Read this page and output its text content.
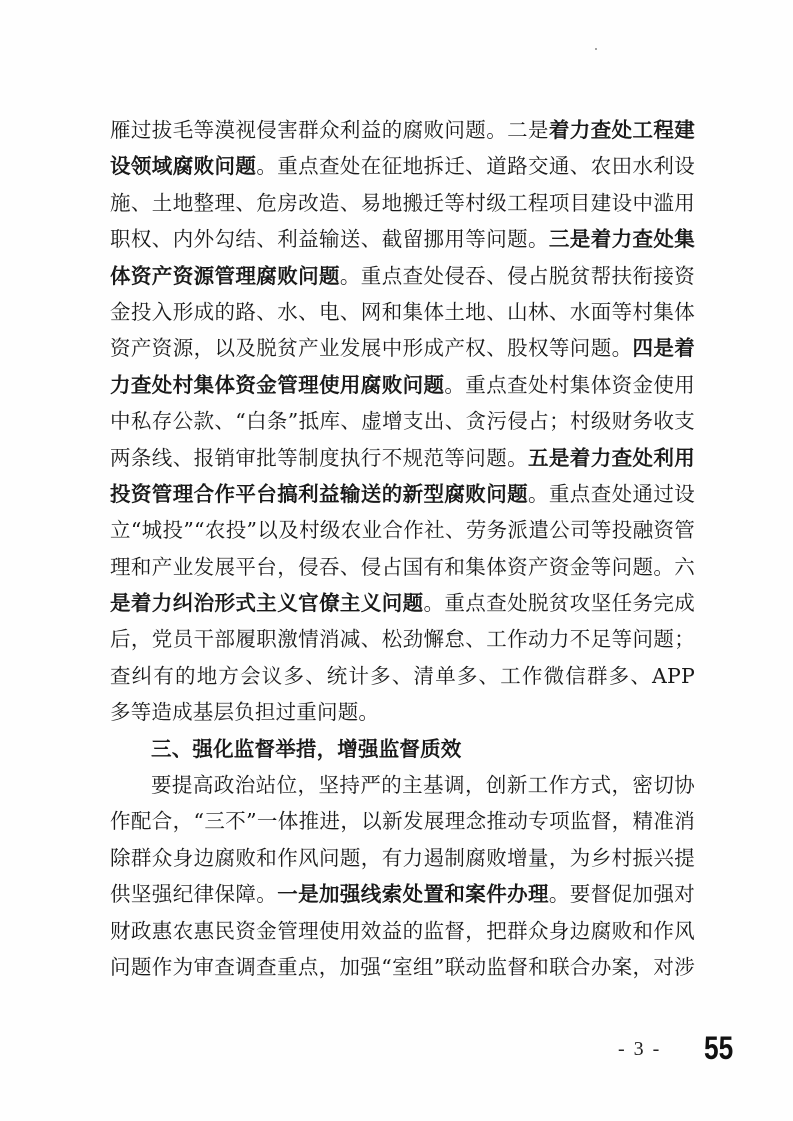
雁过拔毛等漠视侵害群众利益的腐败问题。二是着力查处工程建
设领域腐败问题。重点查处在征地拆迁、道路交通、农田水利设
施、土地整理、危房改造、易地搬迁等村级工程项目建设中滥用
职权、内外勾结、利益输送、截留挪用等问题。三是着力查处集
体资产资源管理腐败问题。重点查处侵吞、侵占脱贫帮扶衔接资
金投入形成的路、水、电、网和集体土地、山林、水面等村集体
资产资源，以及脱贫产业发展中形成产权、股权等问题。四是着
力查处村集体资金管理使用腐败问题。重点查处村集体资金使用
中私存公款、“白条”抵库、虚增支出、贪污侵占；村级财务收支
两条线、报销审批等制度执行不规范等问题。五是着力查处利用
投资管理合作平台搞利益输送的新型腐败问题。重点查处通过设
立“城投”“农投”以及村级农业合作社、劳务派遣公司等投融资管
理和产业发展平台，侵吞、侵占国有和集体资产资金等问题。六
是着力纠治形式主义官僚主义问题。重点查处脱贫攻坚任务完成
后，党员干部履职激情消减、松劲懈怠、工作动力不足等问题；
查纠有的地方会议多、统计多、清单多、工作微信群多、APP
多等造成基层负担过重问题。
三、强化监督举措，增强监督质效
要提高政治站位，坚持严的主基调，创新工作方式，密切协
作配合，“三不”一体推进，以新发展理念推动专项监督，精准消
除群众身边腐败和作风问题，有力遏制腐败增量，为乡村振兴提
供坚强纪律保障。一是加强线索处置和案件办理。要督促加强对
财政惠农惠民资金管理使用效益的监督，把群众身边腐败和作风
问题作为审查调查重点，加强“室组”联动监督和联合办案，对涉
- 3 - 55
